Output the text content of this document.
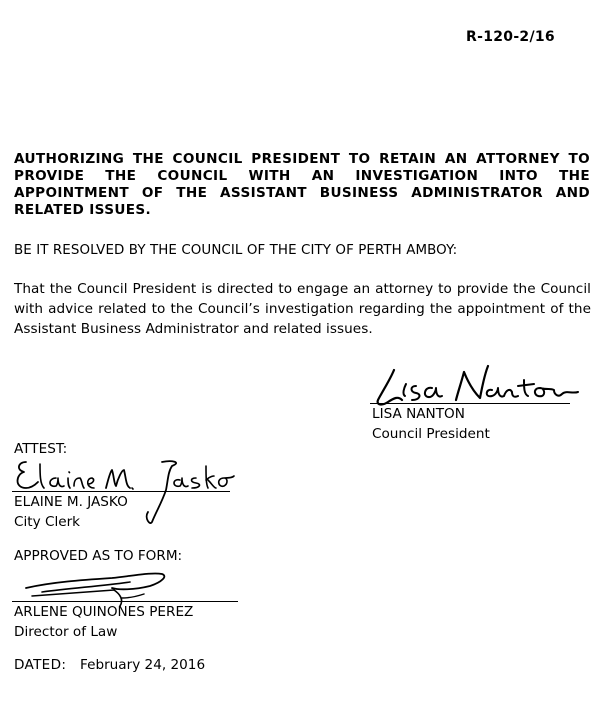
R-120-2/16
AUTHORIZING THE COUNCIL PRESIDENT TO RETAIN AN ATTORNEY TO PROVIDE THE COUNCIL WITH AN INVESTIGATION INTO THE APPOINTMENT OF THE ASSISTANT BUSINESS ADMINISTRATOR AND RELATED ISSUES.
BE IT RESOLVED BY THE COUNCIL OF THE CITY OF PERTH AMBOY:
That the Council President is directed to engage an attorney to provide the Council with advice related to the Council’s investigation regarding the appointment of the Assistant Business Administrator and related issues.
LISA NANTON
Council President
ATTEST:
ELAINE M. JASKO
City Clerk
APPROVED AS TO FORM:
ARLENE QUINONES PEREZ
Director of Law
DATED: February 24, 2016
